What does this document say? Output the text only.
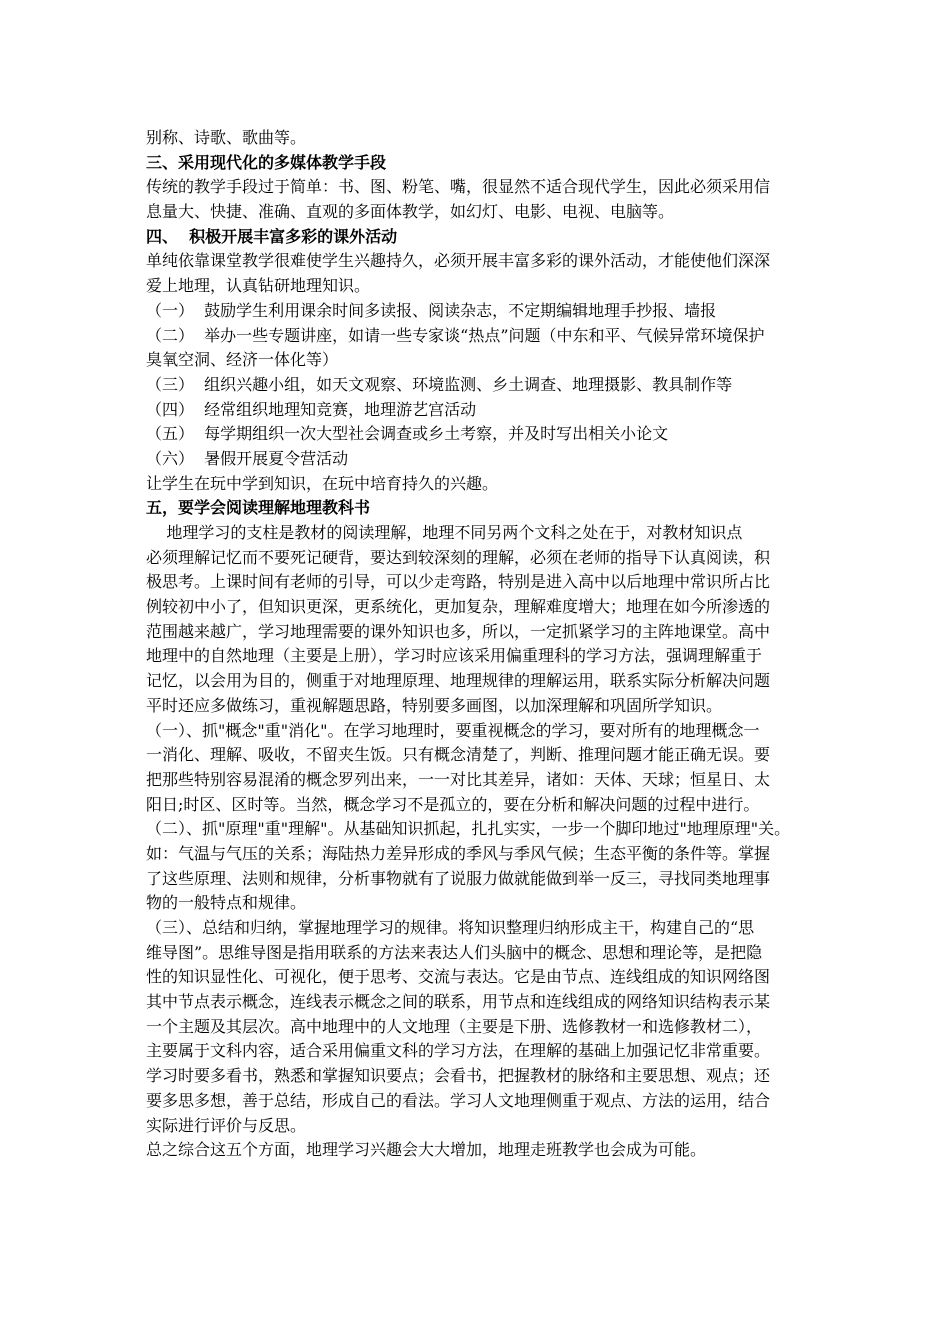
别称、诗歌、歌曲等。
三、采用现代化的多媒体教学手段
传统的教学手段过于简单：书、图、粉笔、嘴，很显然不适合现代学生，因此必须采用信
息量大、快捷、准确、直观的多面体教学，如幻灯、电影、电视、电脑等。
四、  积极开展丰富多彩的课外活动
单纯依靠课堂教学很难使学生兴趣持久，必须开展丰富多彩的课外活动，才能使他们深深
爱上地理，认真钻研地理知识。
（一）  鼓励学生利用课余时间多读报、阅读杂志，不定期编辑地理手抄报、墙报
（二）  举办一些专题讲座，如请一些专家谈“热点”问题（中东和平、气候异常环境保护
臭氧空洞、经济一体化等）
（三）  组织兴趣小组，如天文观察、环境监测、乡土调查、地理摄影、教具制作等
（四）  经常组织地理知竞赛，地理游艺宫活动
（五）  每学期组织一次大型社会调查或乡土考察，并及时写出相关小论文
（六）  暑假开展夏令营活动
让学生在玩中学到知识，在玩中培育持久的兴趣。
五，要学会阅读理解地理教科书
地理学习的支柱是教材的阅读理解，地理不同另两个文科之处在于，对教材知识点
必须理解记忆而不要死记硬背，要达到较深刻的理解，必须在老师的指导下认真阅读，积
极思考。上课时间有老师的引导，可以少走弯路，特别是进入高中以后地理中常识所占比
例较初中小了，但知识更深，更系统化，更加复杂，理解难度增大；地理在如今所渗透的
范围越来越广，学习地理需要的课外知识也多，所以，一定抓紧学习的主阵地课堂。高中
地理中的自然地理（主要是上册），学习时应该采用偏重理科的学习方法，强调理解重于
记忆，以会用为目的，侧重于对地理原理、地理规律的理解运用，联系实际分析解决问题
平时还应多做练习，重视解题思路，特别要多画图，以加深理解和巩固所学知识。
（一）、抓"概念"重"消化"。在学习地理时，要重视概念的学习，要对所有的地理概念一
一消化、理解、吸收，不留夹生饭。只有概念清楚了，判断、推理问题才能正确无误。要
把那些特别容易混淆的概念罗列出来，一一对比其差异，诸如：天体、天球；恒星日、太
阳日;时区、区时等。当然，概念学习不是孤立的，要在分析和解决问题的过程中进行。
（二）、抓"原理"重"理解"。从基础知识抓起，扎扎实实，一步一个脚印地过"地理原理"关。
如：气温与气压的关系；海陆热力差异形成的季风与季风气候；生态平衡的条件等。掌握
了这些原理、法则和规律，分析事物就有了说服力做就能做到举一反三，寻找同类地理事
物的一般特点和规律。
（三）、总结和归纳，掌握地理学习的规律。将知识整理归纳形成主干，构建自己的“思
维导图”。思维导图是指用联系的方法来表达人们头脑中的概念、思想和理论等，是把隐
性的知识显性化、可视化，便于思考、交流与表达。它是由节点、连线组成的知识网络图
其中节点表示概念，连线表示概念之间的联系，用节点和连线组成的网络知识结构表示某
一个主题及其层次。高中地理中的人文地理（主要是下册、选修教材一和选修教材二），
主要属于文科内容，适合采用偏重文科的学习方法，在理解的基础上加强记忆非常重要。
学习时要多看书，熟悉和掌握知识要点；会看书，把握教材的脉络和主要思想、观点；还
要多思多想，善于总结，形成自己的看法。学习人文地理侧重于观点、方法的运用，结合
实际进行评价与反思。
总之综合这五个方面，地理学习兴趣会大大增加，地理走班教学也会成为可能。
